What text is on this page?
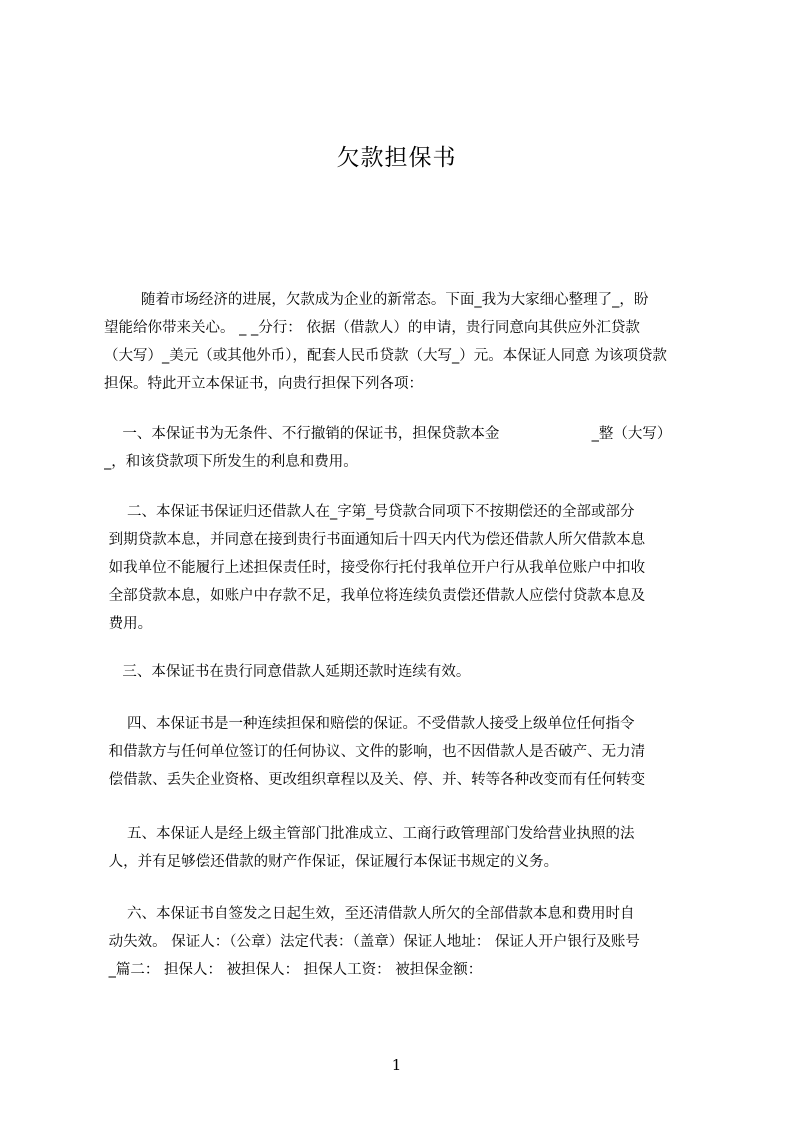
欠款担保书
随着市场经济的进展，欠款成为企业的新常态。下面_我为大家细心整理了_，盼
望能给你带来关心。 _ _分行： 依据（借款人）的申请，贵行同意向其供应外汇贷款
（大写）_美元（或其他外币），配套人民币贷款（大写_）元。本保证人同意 为该项贷款
担保。特此开立本保证书，向贵行担保下列各项：
一、本保证书为无条件、不行撤销的保证书，担保贷款本金                    _整（大写）
_，和该贷款项下所发生的利息和费用。
二、本保证书保证归还借款人在_字第_号贷款合同项下不按期偿还的全部或部分
到期贷款本息，并同意在接到贵行书面通知后十四天内代为偿还借款人所欠借款本息
如我单位不能履行上述担保责任时，接受你行托付我单位开户行从我单位账户中扣收
全部贷款本息，如账户中存款不足，我单位将连续负责偿还借款人应偿付贷款本息及
费用。
三、本保证书在贵行同意借款人延期还款时连续有效。
四、本保证书是一种连续担保和赔偿的保证。不受借款人接受上级单位任何指令
和借款方与任何单位签订的任何协议、文件的影响，也不因借款人是否破产、无力清
偿借款、丢失企业资格、更改组织章程以及关、停、并、转等各种改变而有任何转变
五、本保证人是经上级主管部门批准成立、工商行政管理部门发给营业执照的法
人，并有足够偿还借款的财产作保证，保证履行本保证书规定的义务。
六、本保证书自签发之日起生效，至还清借款人所欠的全部借款本息和费用时自
动失效。 保证人：（公章）法定代表：（盖章）保证人地址： 保证人开户银行及账号
_篇二： 担保人： 被担保人： 担保人工资： 被担保金额：
1
